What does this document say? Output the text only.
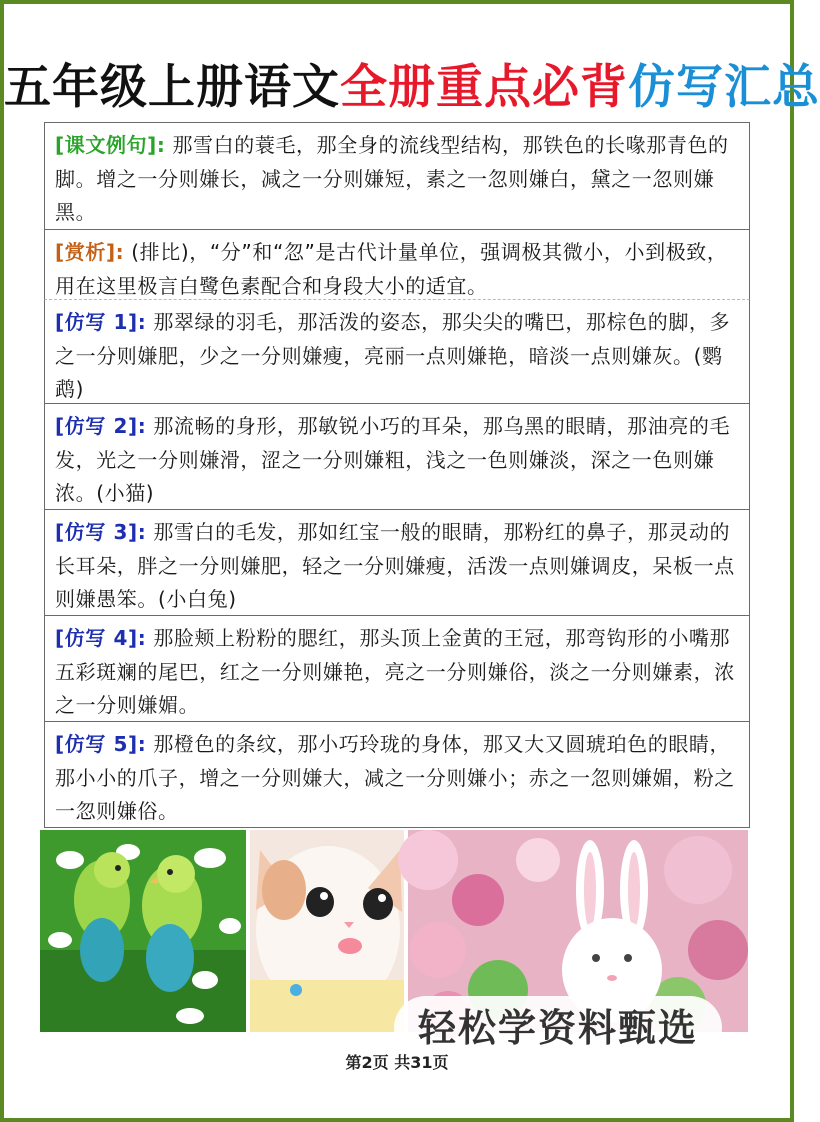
五年级上册语文全册重点必背仿写汇总
[课文例句]: 那雪白的蓑毛，那全身的流线型结构，那铁色的长喙那青色的脚。增之一分则嫌长，减之一分则嫌短，素之一忽则嫌白，黛之一忽则嫌黑。
[赏析]: (排比)，“分”和“忽”是古代计量单位，强调极其微小，小到极致，用在这里极言白鹭色素配合和身段大小的适宜。
[仿写 1]: 那翠绿的羽毛，那活泼的姿态，那尖尖的嘴巴，那棕色的脚，多之一分则嫌肥，少之一分则嫌瘦，亮丽一点则嫌艳，暗淡一点则嫌灰。(鹦鹉)
[仿写 2]: 那流畅的身形，那敏锐小巧的耳朵，那乌黑的眼睛，那油亮的毛发，光之一分则嫌滑，涩之一分则嫌粗，浅之一色则嫌淡，深之一色则嫌浓。(小猫)
[仿写 3]: 那雪白的毛发，那如红宝一般的眼睛，那粉红的鼻子，那灵动的长耳朵，胖之一分则嫌肥，轻之一分则嫌瘦，活泼一点则嫌调皮，呆板一点则嫌愚笨。(小白兔)
[仿写 4]: 那脸颊上粉粉的腮红，那头顶上金黄的王冠，那弯钩形的小嘴那五彩斑斓的尾巴，红之一分则嫌艳，亮之一分则嫌俗，淡之一分则嫌素，浓之一分则嫌媚。
[仿写 5]: 那橙色的条纹，那小巧玲珑的身体，那又大又圆琥珀色的眼睛，那小小的爪子，增之一分则嫌大，减之一分则嫌小；赤之一忽则嫌媚，粉之一忽则嫌俗。
轻松学资料甄选
第2页 共31页
